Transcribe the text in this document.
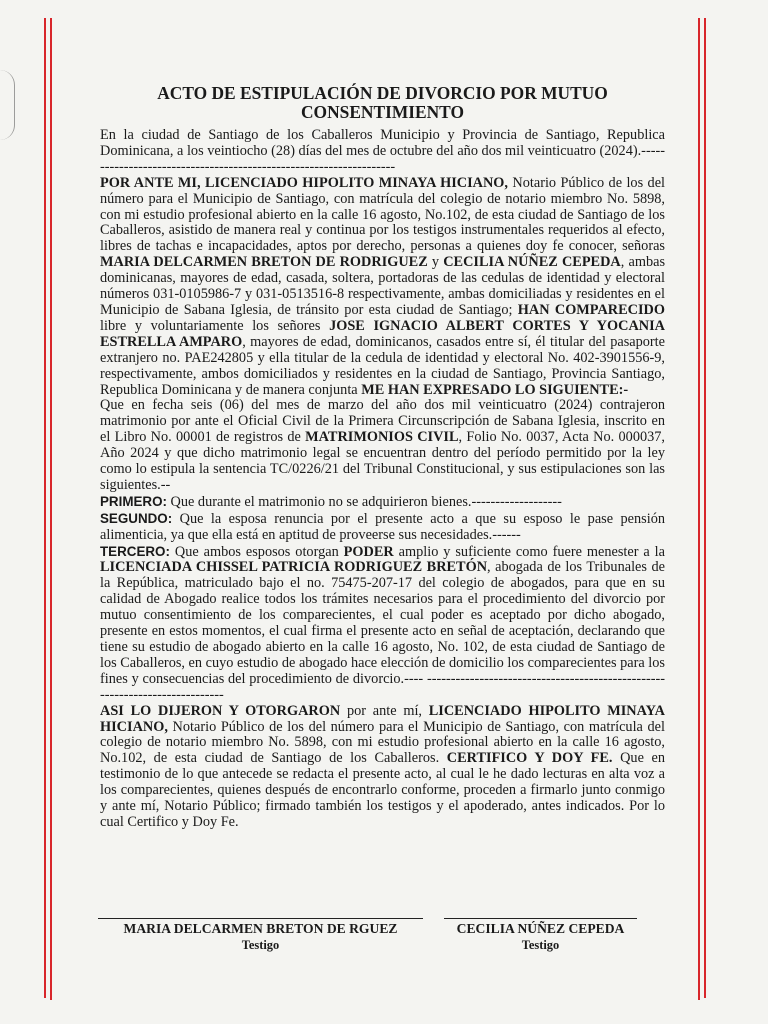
ACTO DE ESTIPULACIÓN DE DIVORCIO POR MUTUO CONSENTIMIENTO

En la ciudad de Santiago de los Caballeros Municipio y Provincia de Santiago, Republica Dominicana, a los veintiocho (28) días del mes de octubre del año dos mil veinticuatro (2024).-------------------------------------------------------------------

POR ANTE MI, LICENCIADO HIPOLITO MINAYA HICIANO, Notario Público de los del número para el Municipio de Santiago, con matrícula del colegio de notario miembro No. 5898, con mi estudio profesional abierto en la calle 16 agosto, No.102, de esta ciudad de Santiago de los Caballeros, asistido de manera real y continua por los testigos instrumentales requeridos al efecto, libres de tachas e incapacidades, aptos por derecho, personas a quienes doy fe conocer, señoras MARIA DELCARMEN BRETON DE RODRIGUEZ y CECILIA NÚÑEZ CEPEDA, ambas dominicanas, mayores de edad, casada, soltera, portadoras de las cedulas de identidad y electoral números 031-0105986-7 y 031-0513516-8 respectivamente, ambas domiciliadas y residentes en el Municipio de Sabana Iglesia, de tránsito por esta ciudad de Santiago; HAN COMPARECIDO libre y voluntariamente los señores JOSE IGNACIO ALBERT CORTES Y YOCANIA ESTRELLA AMPARO, mayores de edad, dominicanos, casados entre sí, él titular del pasaporte extranjero no. PAE242805 y ella titular de la cedula de identidad y electoral No. 402-3901556-9, respectivamente, ambos domiciliados y residentes en la ciudad de Santiago, Provincia Santiago, Republica Dominicana y de manera conjunta ME HAN EXPRESADO LO SIGUIENTE:-

Que en fecha seis (06) del mes de marzo del año dos mil veinticuatro (2024) contrajeron matrimonio por ante el Oficial Civil de la Primera Circunscripción de Sabana Iglesia, inscrito en el Libro No. 00001 de registros de MATRIMONIOS CIVIL, Folio No. 0037, Acta No. 000037, Año 2024 y que dicho matrimonio legal se encuentran dentro del período permitido por la ley como lo estipula la sentencia TC/0226/21 del Tribunal Constitucional, y sus estipulaciones son las siguientes.--

PRIMERO: Que durante el matrimonio no se adquirieron bienes.-------------------

SEGUNDO: Que la esposa renuncia por el presente acto a que su esposo le pase pensión alimenticia, ya que ella está en aptitud de proveerse sus necesidades.------

TERCERO: Que ambos esposos otorgan PODER amplio y suficiente como fuere menester a la LICENCIADA CHISSEL PATRICIA RODRIGUEZ BRETÓN, abogada de los Tribunales de la República, matriculado bajo el no. 75475-207-17 del colegio de abogados, para que en su calidad de Abogado realice todos los trámites necesarios para el procedimiento del divorcio por mutuo consentimiento de los comparecientes, el cual poder es aceptado por dicho abogado, presente en estos momentos, el cual firma el presente acto en señal de aceptación, declarando que tiene su estudio de abogado abierto en la calle 16 agosto, No. 102, de esta ciudad de Santiago de los Caballeros, en cuyo estudio de abogado hace elección de domicilio los comparecientes para los fines y consecuencias del procedimiento de divorcio.---- ----------------------------------------------------------------------------

ASI LO DIJERON Y OTORGARON por ante mí, LICENCIADO HIPOLITO MINAYA HICIANO, Notario Público de los del número para el Municipio de Santiago, con matrícula del colegio de notario miembro No. 5898, con mi estudio profesional abierto en la calle 16 agosto, No.102, de esta ciudad de Santiago de los Caballeros. CERTIFICO Y DOY FE. Que en testimonio de lo que antecede se redacta el presente acto, al cual le he dado lecturas en alta voz a los comparecientes, quienes después de encontrarlo conforme, proceden a firmarlo junto conmigo y ante mí, Notario Público; firmado también los testigos y el apoderado, antes indicados. Por lo cual Certifico y Doy Fe.

MARIA DELCARMEN BRETON DE RGUEZ
Testigo
CECILIA NÚÑEZ CEPEDA
Testigo
